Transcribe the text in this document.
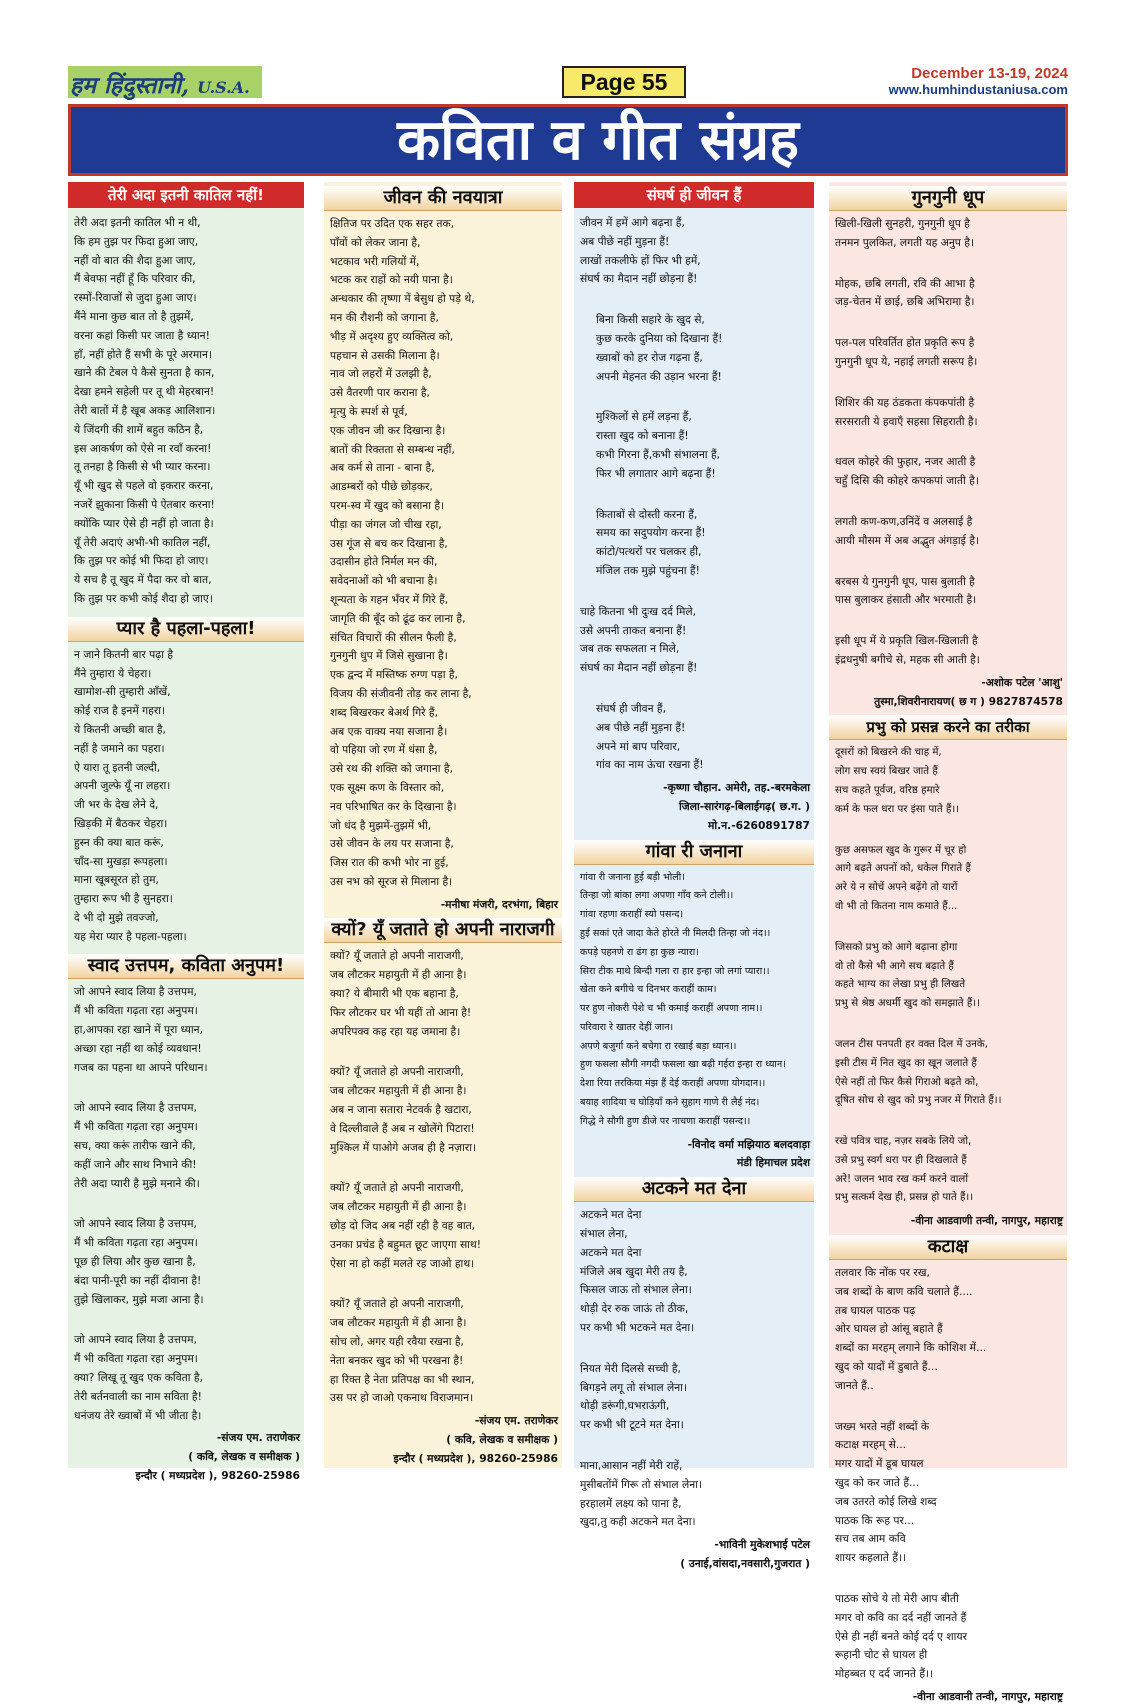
हम हिंदुस्तानी, U.S.A.	Page 55	December 13-19, 2024
www.humhindustaniusa.com
कविता व गीत संग्रह
तेरी अदा इतनी कातिल नहीं!

तेरी अदा इतनी कातिल भी न थी,

कि हम तुझ पर फिदा हुआ जाए,

नहीं वो बात की शैदा हुआ जाए,

मैं बेवफा नहीं हूँ कि परिवार की,

रस्मों-रिवाजों से जुदा हुआ जाए।

मैंने माना कुछ बात तो है तुझमें,

वरना कहां किसी पर जाता है ध्यान!

हाँ, नहीं होते हैं सभी के पूरे अरमान।

खाने की टेबल पे कैसे सुनता है कान,

देखा हमने सहेली पर तू थी मेहरबान!

तेरी बातों में है खूब अकड़ आलिशान।

ये जिंदगी की शामें बहुत कठिन है,

इस आकर्षण को ऐसे ना रवाँ करना!

तू तनहा है किसी से भी प्यार करना।

यूँ भी खुद से पहले वो इकरार करना,

नजरें झुकाना किसी पे ऐतबार करना!

क्योंकि प्यार ऐसे ही नहीं हो जाता है।

यूँ तेरी अदाएं अभी-भी कातिल नहीं,

कि तुझ पर कोई भी फिदा हो जाए।

ये सच है तू खुद में पैदा कर वो बात,

कि तुझ पर कभी कोई शैदा हो जाए।

प्यार है पहला-पहला!

न जाने कितनी बार पढ़ा है

मैंने तुम्हारा ये चेहरा।

खामोश-सी तुम्हारी आँखें,

कोई राज है इनमें गहरा।

ये कितनी अच्छी बात है,

नहीं है जमाने का पहरा।

ऐ यारा तू इतनी जल्दी,

अपनी जुल्फे यूँ ना लहरा।

जी भर के देख लेने दे,

खिड़की में बैठकर चेहरा।

हुस्न की क्या बात करूं,

चाँद-सा मुखड़ा रूपहला।

माना खूबसूरत हो तुम,

तुम्हारा रूप भी है सुनहरा।

दे भी दो मुझे तवज्जो,

यह मेरा प्यार है पहला-पहला।

स्वाद उत्तपम, कविता अनुपम!

जो आपने स्वाद लिया है उत्तपम,

मैं भी कविता गढ़ता रहा अनुपम।

हा,आपका रहा खाने में पूरा ध्यान,

अच्छा रहा नहीं था कोई व्यवधान!

गजब का पहना था आपने परिधान।

जो आपने स्वाद लिया है उत्तपम,

मैं भी कविता गढ़ता रहा अनुपम।

सच, क्या करूं तारीफ खाने की,

कहीं जाने और साथ निभाने की!

तेरी अदा प्यारी है मुझे मनाने की।

जो आपने स्वाद लिया है उत्तपम,

मैं भी कविता गढ़ता रहा अनुपम।

पूछ ही लिया और कुछ खाना है,

बंदा पानी-पूरी का नहीं दीवाना है!

तुझे खिलाकर, मुझे मजा आना है।

जो आपने स्वाद लिया है उत्तपम,

मैं भी कविता गढ़ता रहा अनुपम।

क्या? लिखू तू खुद एक कविता है,

तेरी बर्तनवाली का नाम सविता है!

धनंजय तेरे ख्वाबों में भी जीता है।

-संजय एम. तराणेकर
( कवि, लेखक व समीक्षक )
इन्दौर ( मध्यप्रदेश ), 98260-25986
जीवन की नवयात्रा

क्षितिज पर उदित एक सहर तक,

पाँवों को लेकर जाना है,

भटकाव भरी गलियों में,

भटक कर राहों को नयी पाना है।

अन्धकार की तृष्णा में बेसुध हो पड़े थे,

मन की रौशनी को जगाना है,

भीड़ में अदृश्य हुए व्यक्तित्व को,

पहचान से उसकी मिलाना है।

नाव जो लहरों में उलझी है,

उसे वैतरणी पार कराना है,

मृत्यु के स्पर्श से पूर्व,

एक जीवन जी कर दिखाना है।

बातों की रिक्तता से सम्बन्ध नहीं,

अब कर्म से ताना - बाना है,

आडम्बरों को पीछे छोड़कर,

परम-स्व में खुद को बसाना है।

पीड़ा का जंगल जो चीख रहा,

उस गूंज से बच कर दिखाना है,

उदासीन होते निर्मल मन की,

सवेदनाओं को भी बचाना है।

शून्यता के गहन भँवर में गिरे हैं,

जागृति की बूँद को ढूंढ कर लाना है,

संचित विचारों की सीलन फैली है,

गुनगुनी धुप में जिसे सुखाना है।

एक द्वन्द में मस्तिष्क रुग्ण पड़ा है,

विजय की संजीवनी तोड़ कर लाना है,

शब्द बिखरकर बेअर्थ गिरे हैं,

अब एक वाक्य नया सजाना है।

वो पहिया जो रण में धंसा है,

उसे रथ की शक्ति को जगाना है,

एक सूक्ष्म कण के विस्तार को,

नव परिभाषित कर के दिखाना है।

जो धंद है मुझमें-तुझमें भी,

उसे जीवन के लय पर सजाना है,

जिस रात की कभी भोर ना हुई,

उस नभ को सूरज से मिलाना है।

-मनीषा मंजरी, दरभंगा, बिहार
क्यों? यूँ जताते हो अपनी नाराजगी

क्यों? यूँ जताते हो अपनी नाराजगी,

जब लौटकर महायुती में ही आना है।

क्या? ये बीमारी भी एक बहाना है,

फिर लौटकर घर भी यहीं तो आना है!

अपरिपक्व कह रहा यह जमाना है।

क्यों? यूँ जताते हो अपनी नाराजगी,

जब लौटकर महायुती में ही आना है।

अब न जाना सतारा नेटवर्क है खटारा,

वे दिल्लीवाले हैं अब न खोलेंगे पिटारा!

मुश्किल में पाओगे अजब ही है नज़ारा।

क्यों? यूँ जताते हो अपनी नाराजगी,

जब लौटकर महायुती में ही आना है।

छोड़ दो जिद अब नहीं रही है वह बात,

उनका प्रचंड है बहुमत छूट जाएगा साथ!

ऐसा ना हो कहीं मलते रह जाओ हाथ।

क्यों? यूँ जताते हो अपनी नाराजगी,

जब लौटकर महायुती में ही आना है।

सोच लो, अगर यही रवैया रखना है,

नेता बनकर खुद को भी परखना है!

हा रिक्त है नेता प्रतिपक्ष का भी स्थान,

उस पर हो जाओ एकनाथ विराजमान।

-संजय एम. तराणेकर
( कवि, लेखक व समीक्षक )
इन्दौर ( मध्यप्रदेश ), 98260-25986
संघर्ष ही जीवन हैं

जीवन में हमें आगे बढ़ना हैं,

अब पीछे नहीं मुड़ना हैं!

लाखों तकलीफे हों फिर भी हमें,

संघर्ष का मैदान नहीं छोड़ना हैं!

बिना किसी सहारे के खुद से,

कुछ करके दुनिया को दिखाना हैं!

ख्वाबों को हर रोज गढ़ना हैं,

अपनी मेहनत की उड़ान भरना हैं!

मुश्किलों से हमें लड़ना हैं,

रास्ता खुद को बनाना हैं!

कभी गिरना हैं,कभी संभालना हैं,

फिर भी लगातार आगे बढ़ना हैं!

किताबों से दोस्ती करना हैं,

समय का सदुपयोग करना हैं!

कांटो/पत्थरों पर चलकर ही,

मंजिल तक मुझे पहुंचना हैं!

चाहे कितना भी दुःख दर्द मिले,

उसे अपनी ताकत बनाना हैं!

जब तक सफलता न मिले,

संघर्ष का मैदान नहीं छोड़ना हैं!

संघर्ष ही जीवन हैं,

अब पीछे नहीं मुड़ना हैं!

अपने मां बाप परिवार,

गांव का नाम ऊंचा रखना हैं!

-कृष्णा चौहान. अमेरी, तह.-बरमकेला
जिला-सारंगढ़-बिलाईगढ़( छ.ग. )
मो.न.-6260891787
गांवा री जनाना

गांवा री जनाना हुई बड़ी भोली।

तिन्हा जो बांका लगा अपणा गाँव कने टोली।।

गांवा रहणा कराहीं स्यो पसन्द।

हुई सकां एते जादा केते होरते नी मिलदी तिन्हा जो नंद।।

कपड़े पहनणे रा ढंग हा कुछ न्यारा।

सिरा टीक माथे बिन्दी गला रा हार इन्हा जो लगां प्यारा।।

खेता कने बगीचे च दिनभर कराहीं काम।

पर हुण नोकरी पेशे च भी कमाई कराहीं अपणा नाम।।

परिवारा रे खातर देहीं जान।

अपणे बजुर्गा कने बचेगा रा रखाई बड़ा ध्यान।।

हुण फसला सौगी नगदी फसला खा बढ़ी गईरा इन्हा रा ध्यान।

देशा रिया तरकिया मंझ हैं देई कराहीं अपणा योगदान।।

बयाह शादिया च घोड़ियाँ कने सुहाग गाणे री लैई नंद।

गिद्धे ने सौगी हुण डीजे पर नाचणा कराहीं पसन्द।।

-विनोद वर्मा मझियाठ बलदवाड़ा
मंडी हिमाचल प्रदेश
अटकने मत देना

अटकने मत देना

संभाल लेना,

अटकने मत देना

मंजिले अब खुदा मेरी तय है,

फिसल जाऊ तो संभाल लेना।

थोड़ी देर रुक जाऊं तो ठीक,

पर कभी भी भटकने मत देना।

नियत मेरी दिलसे सच्ची है,

बिगड़ने लगू तो संभाल लेना।

थोड़ी डरूंगी,घभराऊंगी,

पर कभी भी टूटने मत देना।

माना,आसान नहीं मेरी राहें,

मुसीबतोंमें गिरू तो संभाल लेना।

हरहालमें लक्ष्य को पाना है,

खुदा,तु कही अटकने मत देना।

-भाविनी मुकेशभाई पटेल
( उनाई,वांसदा,नवसारी,गुजरात )
गुनगुनी धूप

खिली-खिली सुनहरी, गुनगुनी धूप है

तनमन पुलकित, लगती यह अनुप है।

मोहक, छबि लगती, रवि की आभा है

जड़-चेतन में छाई, छबि अभिरामा है।

पल-पल परिवर्तित होत प्रकृति रूप है

गुनगुनी धूप ये, नहाई लगती सरूप है।

शिशिर की यह ठंडकता कंपकपांती है

सरसराती ये हवाएँ सहसा सिहराती है।

धवल कोहरे की फुहार, नजर आती है

चहुँ दिसि की कोहरे कपकपां जाती है।

लगती कण-कण,उनिंदें व अलसाई है

आयी मौसम में अब अद्भुत अंगड़ाई है।

बरबस ये गुनगुनी धूप, पास बुलाती है

पास बुलाकर हंसाती और भरमाती है।

इसी धूप में ये प्रकृति खिल-खिलाती है

इंद्रधनुषी बगीचे से, महक सी आती है।

-अशोक पटेल 'आशु'
तुस्मा,शिवरीनारायण( छ ग ) 9827874578
प्रभु को प्रसन्न करने का तरीका

दूसरों को बिखरने की चाह में,

लोग सच स्वयं बिखर जाते हैं

सच कहते पूर्वज, वरिष्ठ हमारे

कर्म के फल धरा पर इंसा पाते हैं।।

कुछ असफल खुद के गुरूर में चूर हो

आगे बढ़ते अपनों को, धकेल गिराते हैं

अरे ये न सोचें अपने बढ़ेंगे तो यारों

वो भी तो कितना नाम कमाते हैं...

जिसको प्रभु को आगे बढ़ाना होगा

वो तो कैसे भी आगे सच बढ़ाते हैं

कहते भाग्य का लेखा प्रभु ही लिखते

प्रभु से श्रेष्ठ अधर्मी खुद को समझाते हैं।।

जलन टीस पनपती हर वक्त दिल में उनके,

इसी टीस में नित खुद का खून जलाते हैं

ऐसे नहीं तो फिर कैसे गिराओ बढ़ते को,

दूषित सोच से खुद को प्रभु नजर में गिराते हैं।।

रखे पवित्र चाह, नज़र सबके लिये जो,

उसे प्रभु स्वर्ग धरा पर ही दिखलाते हैं

अरे! जलन भाव रख कर्म करने वालों

प्रभु सत्कर्म देख ही, प्रसन्न हो पाते हैं।।

-वीना आडवाणी तन्वी, नागपुर, महाराष्ट्र
कटाक्ष

तलवार कि नोंक पर रख,

जब शब्दों के बाण कवि चलाते हैं....

तब घायल पाठक पढ़

ओर घायल हो आंसू बहाते हैं

शब्दों का मरहम् लगाने कि कोशिश में...

खुद को यादों में डुबाते हैं...

जानते हैं..

जख्म भरते नहीं शब्दों के

कटाक्ष मरहम् से...

मगर यादों में डूब घायल

खुद को कर जाते हैं...

जब उतरते कोई लिखे शब्द

पाठक कि रूह पर...

सच तब आम कवि

शायर कहलाते हैं।।

पाठक सोचे ये तो मेरी आप बीती

मगर वो कवि का दर्द नहीं जानते हैं

ऐसे ही नहीं बनते कोई दर्द ए शायर

रूहानी चोट से घायल ही

मोहब्बत ए दर्द जानते हैं।।

-वीना आडवानी तन्वी, नागपुर, महाराष्ट्र
